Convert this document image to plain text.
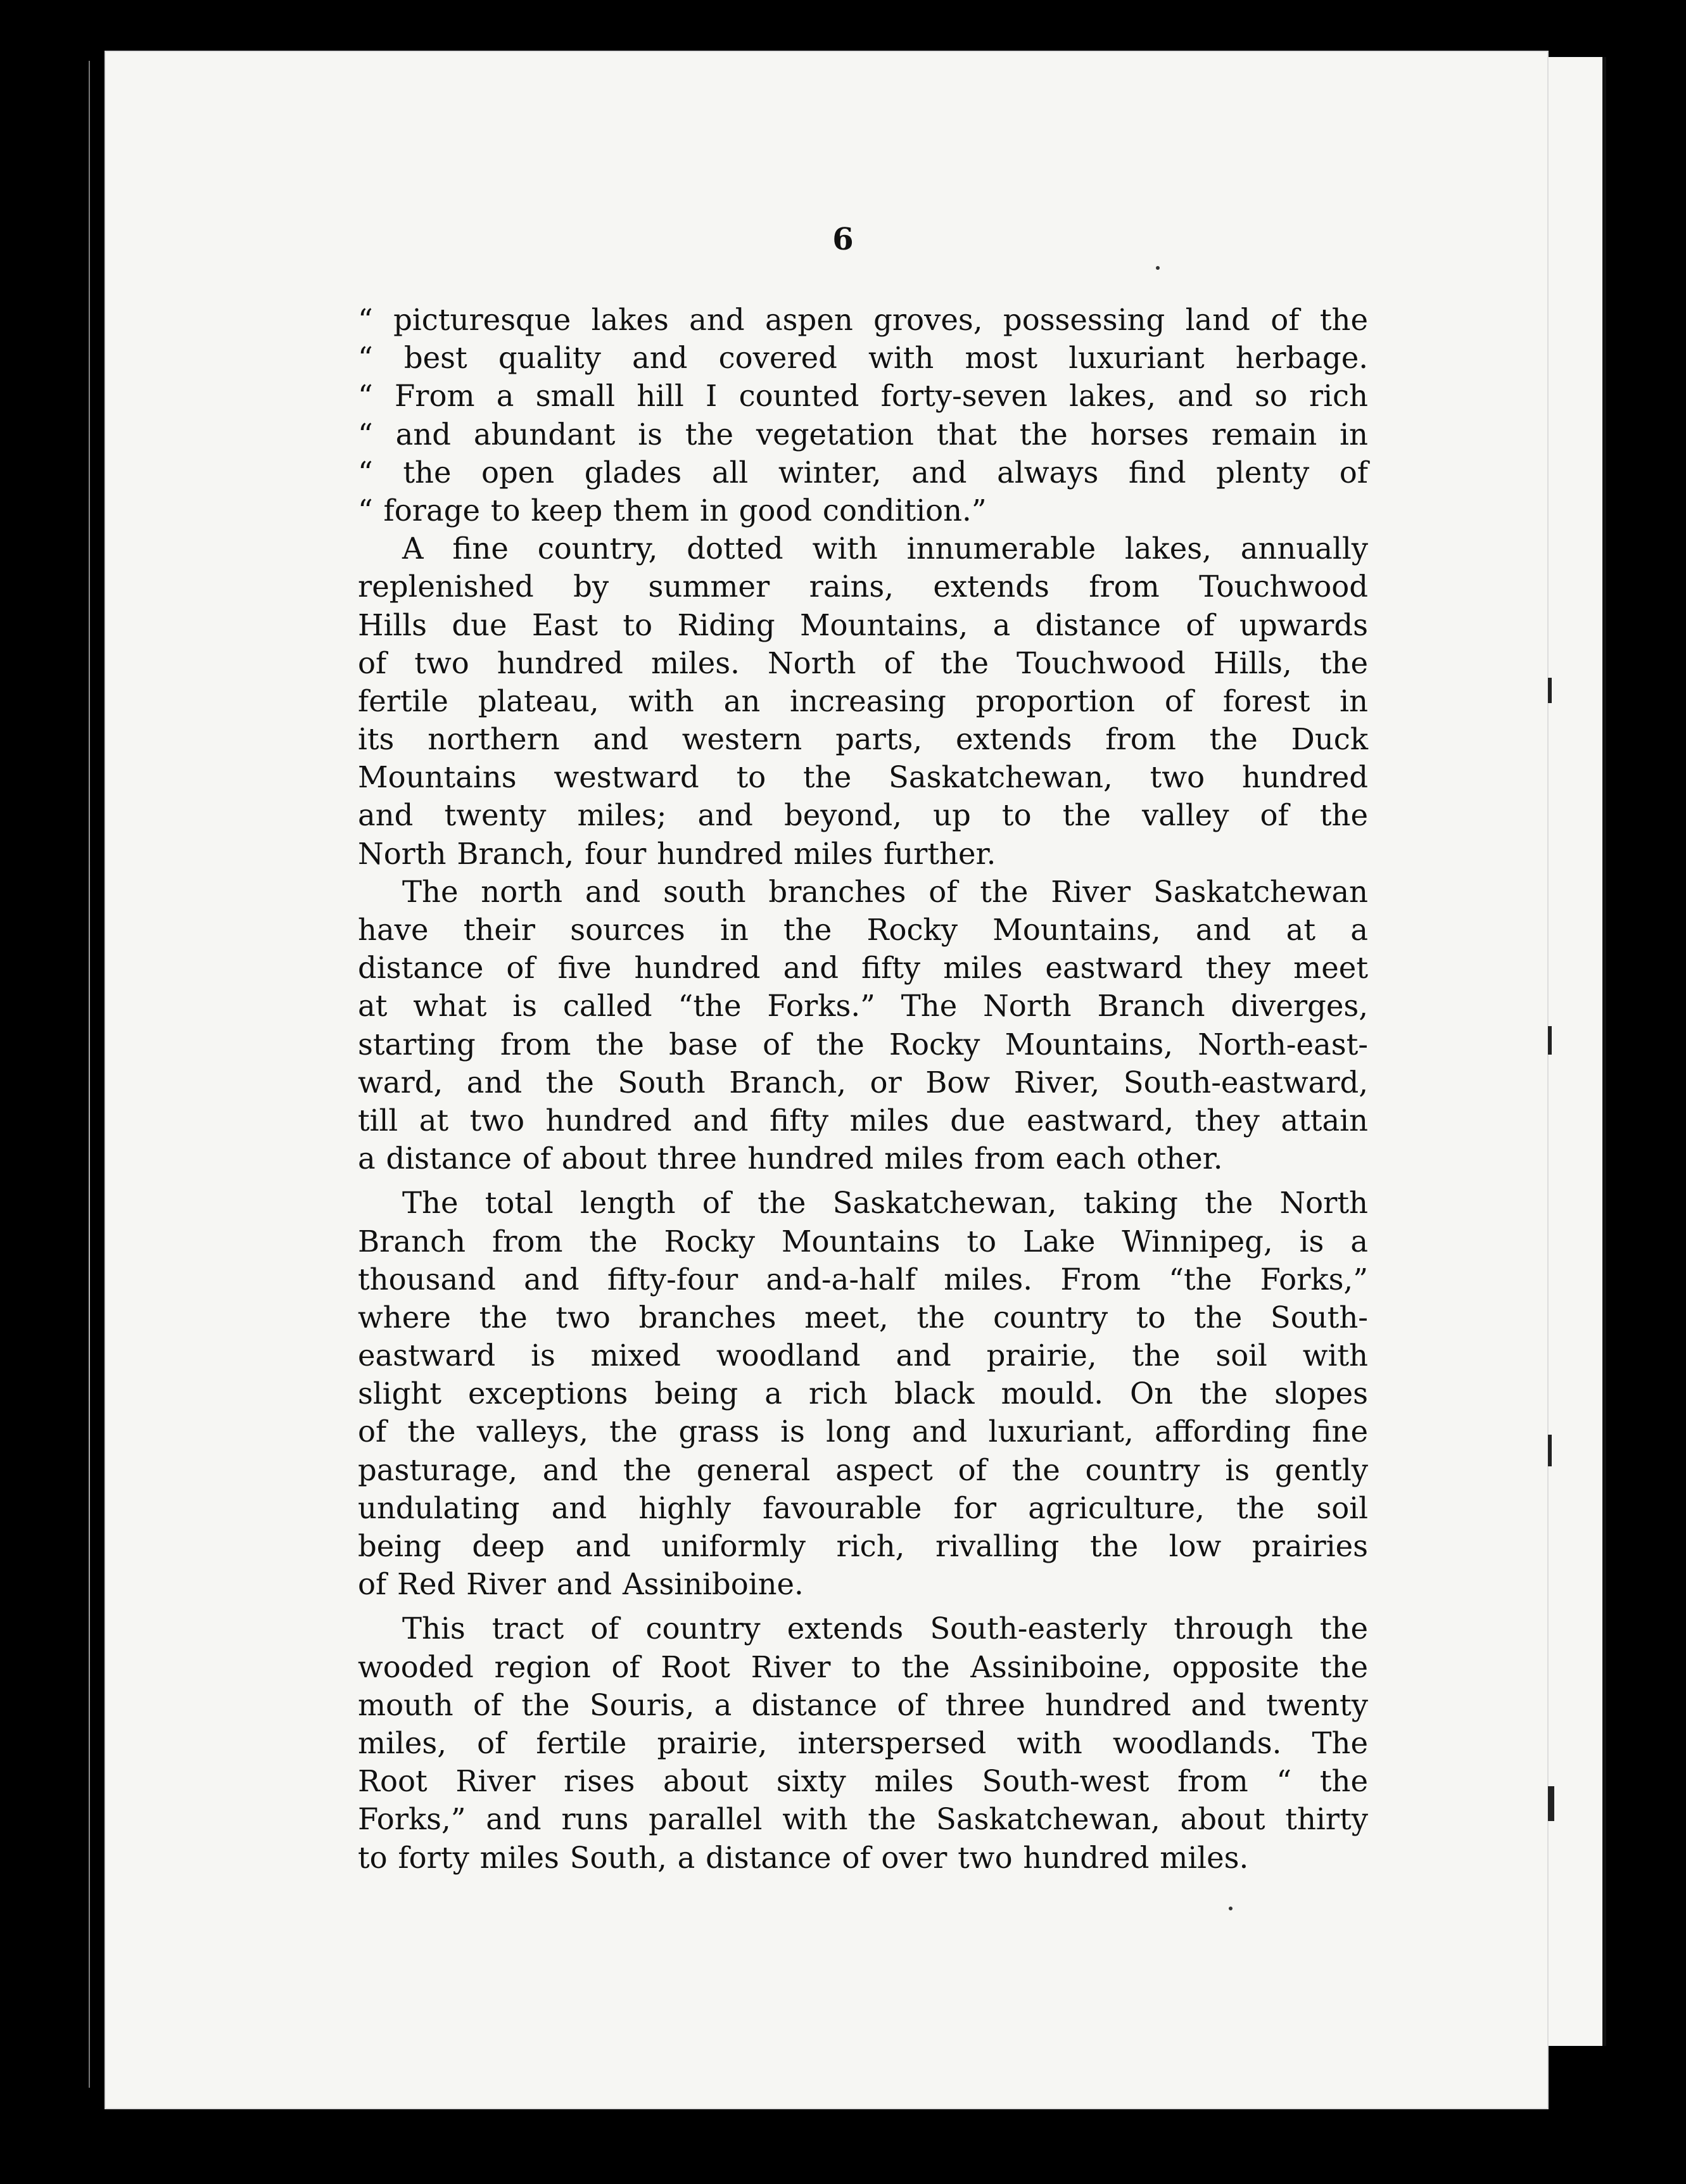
6
“ picturesque lakes and aspen groves, possessing land of the
“ best quality and covered with most luxuriant herbage.
“ From a small hill I counted forty-seven lakes, and so rich
“ and abundant is the vegetation that the horses remain in
“ the open glades all winter, and always find plenty of
“ forage to keep them in good condition.”
A fine country, dotted with innumerable lakes, annually
replenished by summer rains, extends from Touchwood
Hills due East to Riding Mountains, a distance of upwards
of two hundred miles. North of the Touchwood Hills, the
fertile plateau, with an increasing proportion of forest in
its northern and western parts, extends from the Duck
Mountains westward to the Saskatchewan, two hundred
and twenty miles; and beyond, up to the valley of the
North Branch, four hundred miles further.
The north and south branches of the River Saskatchewan
have their sources in the Rocky Mountains, and at a
distance of five hundred and fifty miles eastward they meet
at what is called “the Forks.” The North Branch diverges,
starting from the base of the Rocky Mountains, North-east-
ward, and the South Branch, or Bow River, South-eastward,
till at two hundred and fifty miles due eastward, they attain
a distance of about three hundred miles from each other.
The total length of the Saskatchewan, taking the North
Branch from the Rocky Mountains to Lake Winnipeg, is a
thousand and fifty-four and-a-half miles. From “the Forks,”
where the two branches meet, the country to the South-
eastward is mixed woodland and prairie, the soil with
slight exceptions being a rich black mould. On the slopes
of the valleys, the grass is long and luxuriant, affording fine
pasturage, and the general aspect of the country is gently
undulating and highly favourable for agriculture, the soil
being deep and uniformly rich, rivalling the low prairies
of Red River and Assiniboine.
This tract of country extends South-easterly through the
wooded region of Root River to the Assiniboine, opposite the
mouth of the Souris, a distance of three hundred and twenty
miles, of fertile prairie, interspersed with woodlands. The
Root River rises about sixty miles South-west from “ the
Forks,” and runs parallel with the Saskatchewan, about thirty
to forty miles South, a distance of over two hundred miles.
